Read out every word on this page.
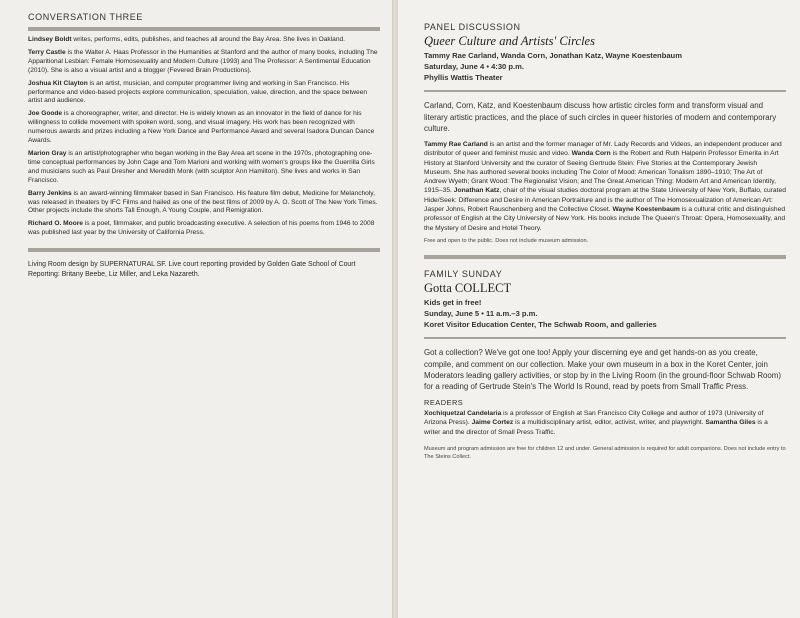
CONVERSATION THREE

Lindsey Boldt writes, performs, edits, publishes, and teaches all around the Bay Area. She lives in Oakland.

Terry Castle is the Walter A. Haas Professor in the Humanities at Stanford and the author of many books, including The Apparitional Lesbian: Female Homosexuality and Modern Culture (1993) and The Professor: A Sentimental Education (2010). She is also a visual artist and a blogger (Fevered Brain Productions).

Joshua Kit Clayton is an artist, musician, and computer programmer living and working in San Francisco. His performance and video-based projects explore communication, speculation, value, direction, and the space between artist and audience.

Joe Goode is a choreographer, writer, and director. He is widely known as an innovator in the field of dance for his willingness to collide movement with spoken word, song, and visual imagery. His work has been recognized with numerous awards and prizes including a New York Dance and Performance Award and several Isadora Duncan Dance Awards.

Marion Gray is an artist/photographer who began working in the Bay Area art scene in the 1970s, photographing one-time conceptual performances by John Cage and Tom Marioni and working with women's groups like the Guerrilla Girls and musicians such as Paul Dresher and Meredith Monk (with sculptor Ann Hamilton). She lives and works in San Francisco.

Barry Jenkins is an award-winning filmmaker based in San Francisco. His feature film debut, Medicine for Melancholy, was released in theaters by IFC Films and hailed as one of the best films of 2009 by A. O. Scott of The New York Times. Other projects include the shorts Tall Enough, A Young Couple, and Remigration.

Richard O. Moore is a poet, filmmaker, and public broadcasting executive. A selection of his poems from 1946 to 2008 was published last year by the University of California Press.

Living Room design by SUPERNATURAL SF. Live court reporting provided by Golden Gate School of Court Reporting: Britany Beebe, Liz Miller, and Leka Nazareth.
PANEL DISCUSSION
Queer Culture and Artists' Circles
Tammy Rae Carland, Wanda Corn, Jonathan Katz, Wayne Koestenbaum
Saturday, June 4 • 4:30 p.m.
Phyllis Wattis Theater

Carland, Corn, Katz, and Koestenbaum discuss how artistic circles form and transform visual and literary artistic practices, and the place of such circles in queer histories of modern and contemporary culture.

Tammy Rae Carland is an artist and the former manager of Mr. Lady Records and Videos, an independent producer and distributor of queer and feminist music and video. Wanda Corn is the Robert and Ruth Halperin Professor Emerita in Art History at Stanford University and the curator of Seeing Gertrude Stein: Five Stories at the Contemporary Jewish Museum. She has authored several books including The Color of Mood: American Tonalism 1890–1910; The Art of Andrew Wyeth; Grant Wood: The Regionalist Vision; and The Great American Thing: Modern Art and American Identity, 1915–35. Jonathan Katz, chair of the visual studies doctoral program at the State University of New York, Buffalo, curated Hide/Seek: Difference and Desire in American Portraiture and is the author of The Homosexualization of American Art: Jasper Johns, Robert Rauschenberg and the Collective Closet. Wayne Koestenbaum is a cultural critic and distinguished professor of English at the City University of New York. His books include The Queen's Throat: Opera, Homosexuality, and the Mystery of Desire and Hotel Theory.

Free and open to the public. Does not include museum admission.

FAMILY SUNDAY
Gotta COLLECT
Kids get in free!
Sunday, June 5 • 11 a.m.–3 p.m.
Koret Visitor Education Center, The Schwab Room, and galleries

Got a collection? We've got one too! Apply your discerning eye and get hands-on as you create, compile, and comment on our collection. Make your own museum in a box in the Koret Center, join Moderators leading gallery activities, or stop by in the Living Room (in the ground-floor Schwab Room) for a reading of Gertrude Stein's The World Is Round, read by poets from Small Traffic Press.

READERS

Xochiquetzal Candelaria is a professor of English at San Francisco City College and author of 1973 (University of Arizona Press). Jaime Cortez is a multidisciplinary artist, editor, activist, writer, and playwright. Samantha Giles is a writer and the director of Small Press Traffic.

Museum and program admission are free for children 12 and under. General admission is required for adult companions. Does not include entry to The Steins Collect.
